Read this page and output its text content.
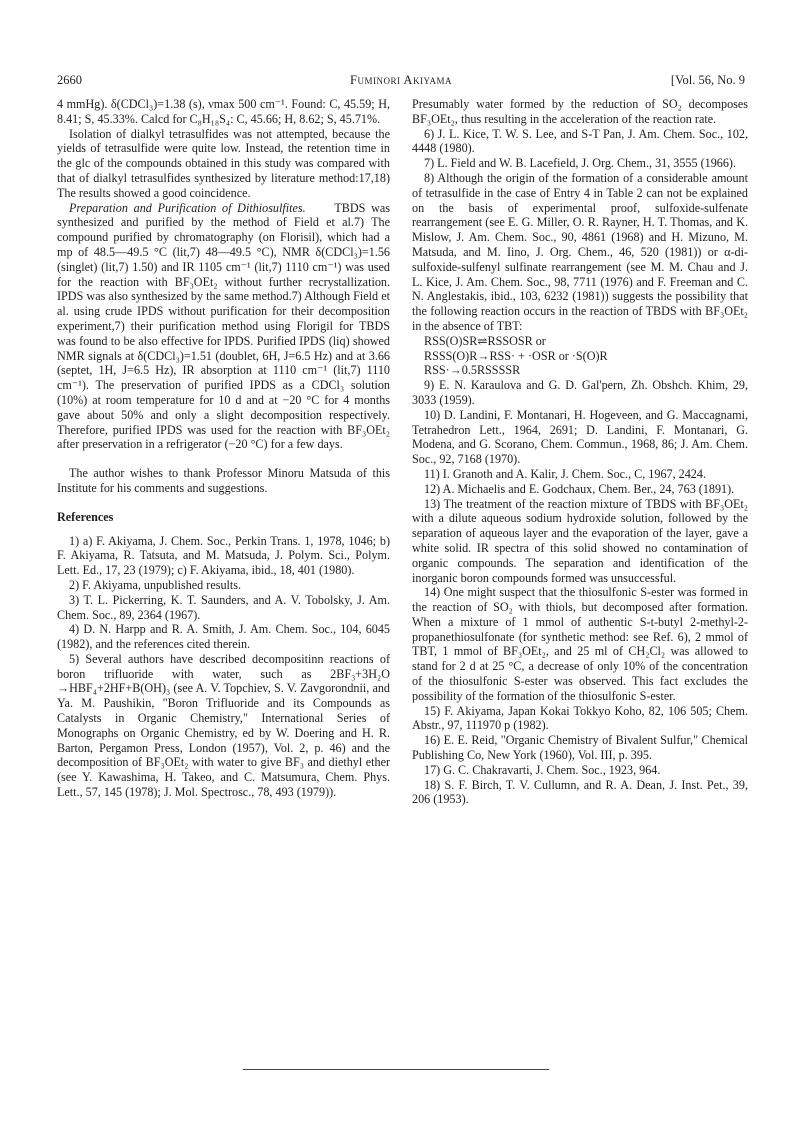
2660	Fuminori Akiyama	[Vol. 56, No. 9

4 mmHg). δ(CDCl₃)=1.38 (s), νmax 500 cm⁻¹. Found: C, 45.59; H, 8.41; S, 45.33%. Calcd for C₈H₁₈S₄: C, 45.66; H, 8.62; S, 45.71%.

Isolation of dialkyl tetrasulfides was not attempted, because the yields of tetrasulfide were quite low. Instead, the retention time in the glc of the compounds obtained in this study was compared with that of dialkyl tetrasulfides synthesized by literature method:17,18) The results showed a good coincidence.

Preparation and Purification of Dithiosulfites. TBDS was synthesized and purified by the method of Field et al.7) The compound purified by chromatography (on Florisil), which had a mp of 48.5—49.5 °C (lit,7) 48—49.5 °C), NMR δ(CDCl₃)=1.56 (singlet) (lit,7) 1.50) and IR 1105 cm⁻¹ (lit,7) 1110 cm⁻¹) was used for the reaction with BF₃OEt₂ without further recrystallization. IPDS was also synthesized by the same method.7) Although Field et al. using crude IPDS without purification for their decomposition experiment,7) their purification method using Florigil for TBDS was found to be also effective for IPDS. Purified IPDS (liq) showed NMR signals at δ(CDCl₃)=1.51 (doublet, 6H, J=6.5 Hz) and at 3.66 (septet, 1H, J=6.5 Hz), IR absorption at 1110 cm⁻¹ (lit,7) 1110 cm⁻¹). The preservation of purified IPDS as a CDCl₃ solution (10%) at room temperature for 10 d and at −20 °C for 4 months gave about 50% and only a slight decomposition respectively. Therefore, purified IPDS was used for the reaction with BF₃OEt₂ after preservation in a refrigerator (−20 °C) for a few days.

The author wishes to thank Professor Minoru Matsuda of this Institute for his comments and suggestions.

References

1) a) F. Akiyama, J. Chem. Soc., Perkin Trans. 1, 1978, 1046; b) F. Akiyama, R. Tatsuta, and M. Matsuda, J. Polym. Sci., Polym. Lett. Ed., 17, 23 (1979); c) F. Akiyama, ibid., 18, 401 (1980).

2) F. Akiyama, unpublished results.

3) T. L. Pickerring, K. T. Saunders, and A. V. Tobolsky, J. Am. Chem. Soc., 89, 2364 (1967).

4) D. N. Harpp and R. A. Smith, J. Am. Chem. Soc., 104, 6045 (1982), and the references cited therein.

5) Several authors have described decompositinn reactions of boron trifluoride with water, such as 2BF₃+3H₂O →HBF₄+2HF+B(OH)₃ (see A. V. Topchiev, S. V. Zavgorondnii, and Ya. M. Paushikin, "Boron Trifluoride and its Compounds as Catalysts in Organic Chemistry," International Series of Monographs on Organic Chemistry, ed by W. Doering and H. R. Barton, Pergamon Press, London (1957), Vol. 2, p. 46) and the decomposition of BF₃OEt₂ with water to give BF₃ and diethyl ether (see Y. Kawashima, H. Takeo, and C. Matsumura, Chem. Phys. Lett., 57, 145 (1978); J. Mol. Spectrosc., 78, 493 (1979)).

Presumably water formed by the reduction of SO₂ decomposes BF₃OEt₂, thus resulting in the acceleration of the reaction rate.

6) J. L. Kice, T. W. S. Lee, and S-T Pan, J. Am. Chem. Soc., 102, 4448 (1980).

7) L. Field and W. B. Lacefield, J. Org. Chem., 31, 3555 (1966).

8) Although the origin of the formation of a considerable amount of tetrasulfide in the case of Entry 4 in Table 2 can not be explained on the basis of experimental proof, sulfoxide-sulfenate rearrangement (see E. G. Miller, O. R. Rayner, H. T. Thomas, and K. Mislow, J. Am. Chem. Soc., 90, 4861 (1968) and H. Mizuno, M. Matsuda, and M. Iino, J. Org. Chem., 46, 520 (1981)) or α-di-sulfoxide-sulfenyl sulfinate rearrangement (see M. M. Chau and J. L. Kice, J. Am. Chem. Soc., 98, 7711 (1976) and F. Freeman and C. N. Anglestakis, ibid., 103, 6232 (1981)) suggests the possibility that the following reaction occurs in the reaction of TBDS with BF₃OEt₂ in the absence of TBT:

RSS(O)SR⇌RSSOSR or

RSSS(O)R→RSS· + ·OSR or ·S(O)R

RSS·→0.5RSSSSR

9) E. N. Karaulova and G. D. Gal'pern, Zh. Obshch. Khim, 29, 3033 (1959).

10) D. Landini, F. Montanari, H. Hogeveen, and G. Maccagnami, Tetrahedron Lett., 1964, 2691; D. Landini, F. Montanari, G. Modena, and G. Scorano, Chem. Commun., 1968, 86; J. Am. Chem. Soc., 92, 7168 (1970).

11) I. Granoth and A. Kalir, J. Chem. Soc., C, 1967, 2424.

12) A. Michaelis and E. Godchaux, Chem. Ber., 24, 763 (1891).

13) The treatment of the reaction mixture of TBDS with BF₃OEt₂ with a dilute aqueous sodium hydroxide solution, followed by the separation of aqueous layer and the evaporation of the layer, gave a white solid. IR spectra of this solid showed no contamination of organic compounds. The separation and identification of the inorganic boron compounds formed was unsuccessful.

14) One might suspect that the thiosulfonic S-ester was formed in the reaction of SO₂ with thiols, but decomposed after formation. When a mixture of 1 mmol of authentic S-t-butyl 2-methyl-2-propanethiosulfonate (for synthetic method: see Ref. 6), 2 mmol of TBT, 1 mmol of BF₃OEt₂, and 25 ml of CH₂Cl₂ was allowed to stand for 2 d at 25 °C, a decrease of only 10% of the concentration of the thiosulfonic S-ester was observed. This fact excludes the possibility of the formation of the thiosulfonic S-ester.

15) F. Akiyama, Japan Kokai Tokkyo Koho, 82, 106 505; Chem. Abstr., 97, 111970 p (1982).

16) E. E. Reid, "Organic Chemistry of Bivalent Sulfur," Chemical Publishing Co, New York (1960), Vol. III, p. 395.

17) G. C. Chakravarti, J. Chem. Soc., 1923, 964.

18) S. F. Birch, T. V. Cullumn, and R. A. Dean, J. Inst. Pet., 39, 206 (1953).
